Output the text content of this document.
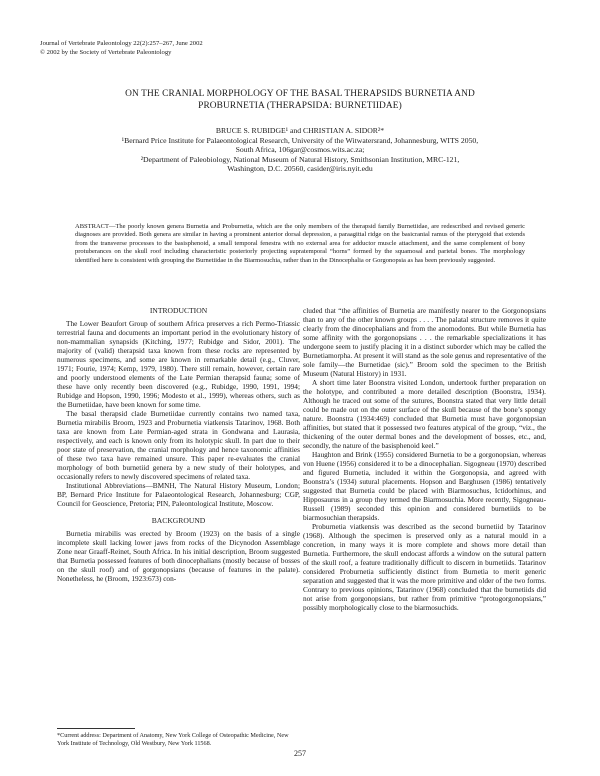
Journal of Vertebrate Paleontology 22(2):257–267, June 2002
© 2002 by the Society of Vertebrate Paleontology
ON THE CRANIAL MORPHOLOGY OF THE BASAL THERAPSIDS BURNETIA AND
PROBURNETIA (THERAPSIDA: BURNETIIDAE)

BRUCE S. RUBIDGE¹ and CHRISTIAN A. SIDOR²*

¹Bernard Price Institute for Palaeontological Research, University of the Witwatersrand, Johannesburg, WITS 2050,

South Africa, 106gar@cosmos.wits.ac.za;

²Department of Paleobiology, National Museum of Natural History, Smithsonian Institution, MRC-121,

Washington, D.C. 20560, casider@iris.nyit.edu

ABSTRACT—The poorly known genera Burnetia and Proburnetia, which are the only members of the therapsid family Burnetiidae, are redescribed and revised generic diagnoses are provided. Both genera are similar in having a prominent anterior dorsal depression, a paraagittal ridge on the basicranial ramus of the pterygoid that extends from the transverse processes to the basisphenoid, a small temporal fenestra with no external area for adductor muscle attachment, and the same complement of bony protuberances on the skull roof including characteristic posteriorly projecting supratemporal “horns” formed by the squamosal and parietal bones. The morphology identified here is consistent with grouping the Burnetiidae in the Biarmosuchia, rather than in the Dinocephalia or Gorgonopsia as has been previously suggested.

INTRODUCTION

The Lower Beaufort Group of southern Africa preserves a rich Permo-Triassic terrestrial fauna and documents an important period in the evolutionary history of non-mammalian synapsids (Kitching, 1977; Rubidge and Sidor, 2001). The majority of (valid) therapsid taxa known from these rocks are represented by numerous specimens, and some are known in remarkable detail (e.g., Cluver, 1971; Fourie, 1974; Kemp, 1979, 1980). There still remain, however, certain rare and poorly understood elements of the Late Permian therapsid fauna; some of these have only recently been discovered (e.g., Rubidge, 1990, 1991, 1994; Rubidge and Hopson, 1990, 1996; Modesto et al., 1999), whereas others, such as the Burnetiidae, have been known for some time.

The basal therapsid clade Burnetiidae currently contains two named taxa, Burnetia mirabilis Broom, 1923 and Proburnetia viatkensis Tatarinov, 1968. Both taxa are known from Late Permian-aged strata in Gondwana and Laurasia, respectively, and each is known only from its holotypic skull. In part due to their poor state of preservation, the cranial morphology and hence taxonomic affinities of these two taxa have remained unsure. This paper re-evaluates the cranial morphology of both burnetiid genera by a new study of their holotypes, and occasionally refers to newly discovered specimens of related taxa.

Institutional Abbreviations—BMNH, The Natural History Museum, London; BP, Bernard Price Institute for Palaeontological Research, Johannesburg; CGP, Council for Geoscience, Pretoria; PIN, Paleontological Institute, Moscow.

BACKGROUND

Burnetia mirabilis was erected by Broom (1923) on the basis of a single incomplete skull lacking lower jaws from rocks of the Dicynodon Assemblage Zone near Graaff-Reinet, South Africa. In his initial description, Broom suggested that Burnetia possessed features of both dinocephalians (mostly because of bosses on the skull roof) and of gorgonopsians (because of features in the palate). Nonetheless, he (Broom, 1923:673) con-

cluded that “the affinities of Burnetia are manifestly nearer to the Gorgonopsians than to any of the other known groups . . . . The palatal structure removes it quite clearly from the dinocephalians and from the anomodonts. But while Burnetia has some affinity with the gorgonopsians . . . the remarkable specializations it has undergone seem to justify placing it in a distinct suborder which may be called the Burnetiamorpha. At present it will stand as the sole genus and representative of the sole family—the Burnetidae (sic).” Broom sold the specimen to the British Museum (Natural History) in 1931.

A short time later Boonstra visited London, undertook further preparation on the holotype, and contributed a more detailed description (Boonstra, 1934). Although he traced out some of the sutures, Boonstra stated that very little detail could be made out on the outer surface of the skull because of the bone’s spongy nature. Boonstra (1934:469) concluded that Burnetia must have gorgonopsian affinities, but stated that it possessed two features atypical of the group, “viz., the thickening of the outer dermal bones and the development of bosses, etc., and, secondly, the nature of the basisphenoid keel.”

Haughton and Brink (1955) considered Burnetia to be a gorgonopsian, whereas von Huene (1956) considered it to be a dinocephalian. Sigogneau (1970) described and figured Burnetia, included it within the Gorgonopsia, and agreed with Boonstra’s (1934) sutural placements. Hopson and Barghusen (1986) tentatively suggested that Burnetia could be placed with Biarmosuchus, Ictidorhinus, and Hipposaurus in a group they termed the Biarmosuchia. More recently, Sigogneau-Russell (1989) seconded this opinion and considered burnetiids to be biarmosuchian therapsids.

Proburnetia viatkensis was described as the second burnetiid by Tatarinov (1968). Although the specimen is preserved only as a natural mould in a concretion, in many ways it is more complete and shows more detail than Burnetia. Furthermore, the skull endocast affords a window on the sutural pattern of the skull roof, a feature traditionally difficult to discern in burnetiids. Tatarinov considered Proburnetia sufficiently distinct from Burnetia to merit generic separation and suggested that it was the more primitive and older of the two forms. Contrary to previous opinions, Tatarinov (1968) concluded that the burnetiids did not arise from gorgonopsians, but rather from primitive “protogorgonopsians,” possibly morphologically close to the biarmosuchids.

*Current address: Department of Anatomy, New York College of Osteopathic Medicine, New York Institute of Technology, Old Westbury, New York 11568.
257
